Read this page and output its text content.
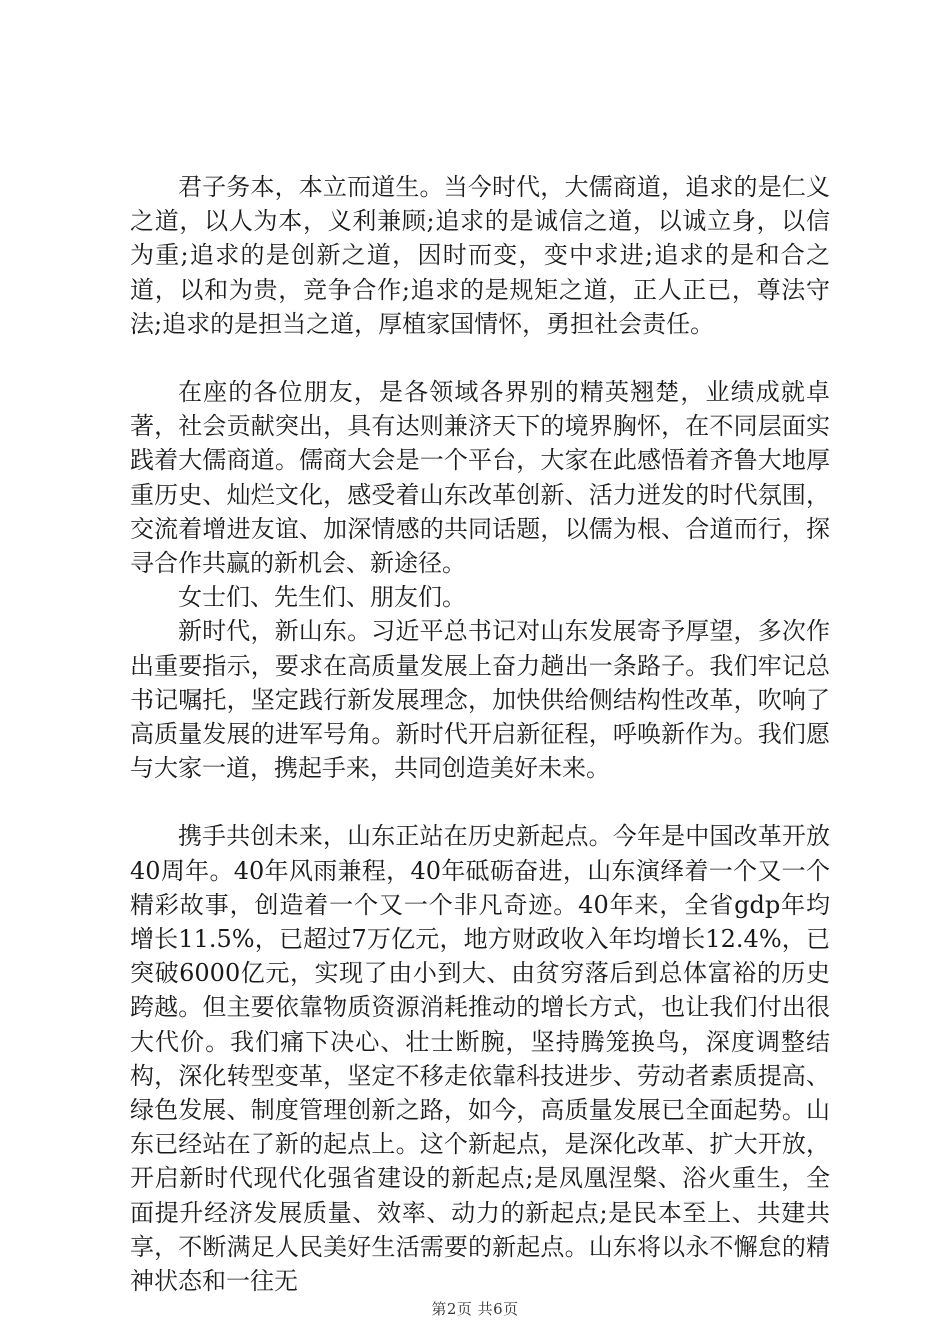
君子务本，本立而道生。当今时代，大儒商道，追求的是仁义之道，以人为本，义利兼顾;追求的是诚信之道，以诚立身，以信为重;追求的是创新之道，因时而变，变中求进;追求的是和合之道，以和为贵，竞争合作;追求的是规矩之道，正人正已，尊法守法;追求的是担当之道，厚植家国情怀，勇担社会责任。

在座的各位朋友，是各领域各界别的精英翘楚，业绩成就卓著，社会贡献突出，具有达则兼济天下的境界胸怀，在不同层面实践着大儒商道。儒商大会是一个平台，大家在此感悟着齐鲁大地厚重历史、灿烂文化，感受着山东改革创新、活力迸发的时代氛围，交流着增进友谊、加深情感的共同话题，以儒为根、合道而行，探寻合作共赢的新机会、新途径。

女士们、先生们、朋友们。

新时代，新山东。习近平总书记对山东发展寄予厚望，多次作出重要指示，要求在高质量发展上奋力趟出一条路子。我们牢记总书记嘱托，坚定践行新发展理念，加快供给侧结构性改革，吹响了高质量发展的进军号角。新时代开启新征程，呼唤新作为。我们愿与大家一道，携起手来，共同创造美好未来。

携手共创未来，山东正站在历史新起点。今年是中国改革开放40周年。40年风雨兼程，40年砥砺奋进，山东演绎着一个又一个精彩故事，创造着一个又一个非凡奇迹。40年来，全省gdp年均增长11.5%，已超过7万亿元，地方财政收入年均增长12.4%，已突破6000亿元，实现了由小到大、由贫穷落后到总体富裕的历史跨越。但主要依靠物质资源消耗推动的增长方式，也让我们付出很大代价。我们痛下决心、壮士断腕，坚持腾笼换鸟，深度调整结构，深化转型变革，坚定不移走依靠科技进步、劳动者素质提高、绿色发展、制度管理创新之路，如今，高质量发展已全面起势。山东已经站在了新的起点上。这个新起点，是深化改革、扩大开放，开启新时代现代化强省建设的新起点;是凤凰涅槃、浴火重生，全面提升经济发展质量、效率、动力的新起点;是民本至上、共建共享，不断满足人民美好生活需要的新起点。山东将以永不懈怠的精神状态和一往无

第2页 共6页
